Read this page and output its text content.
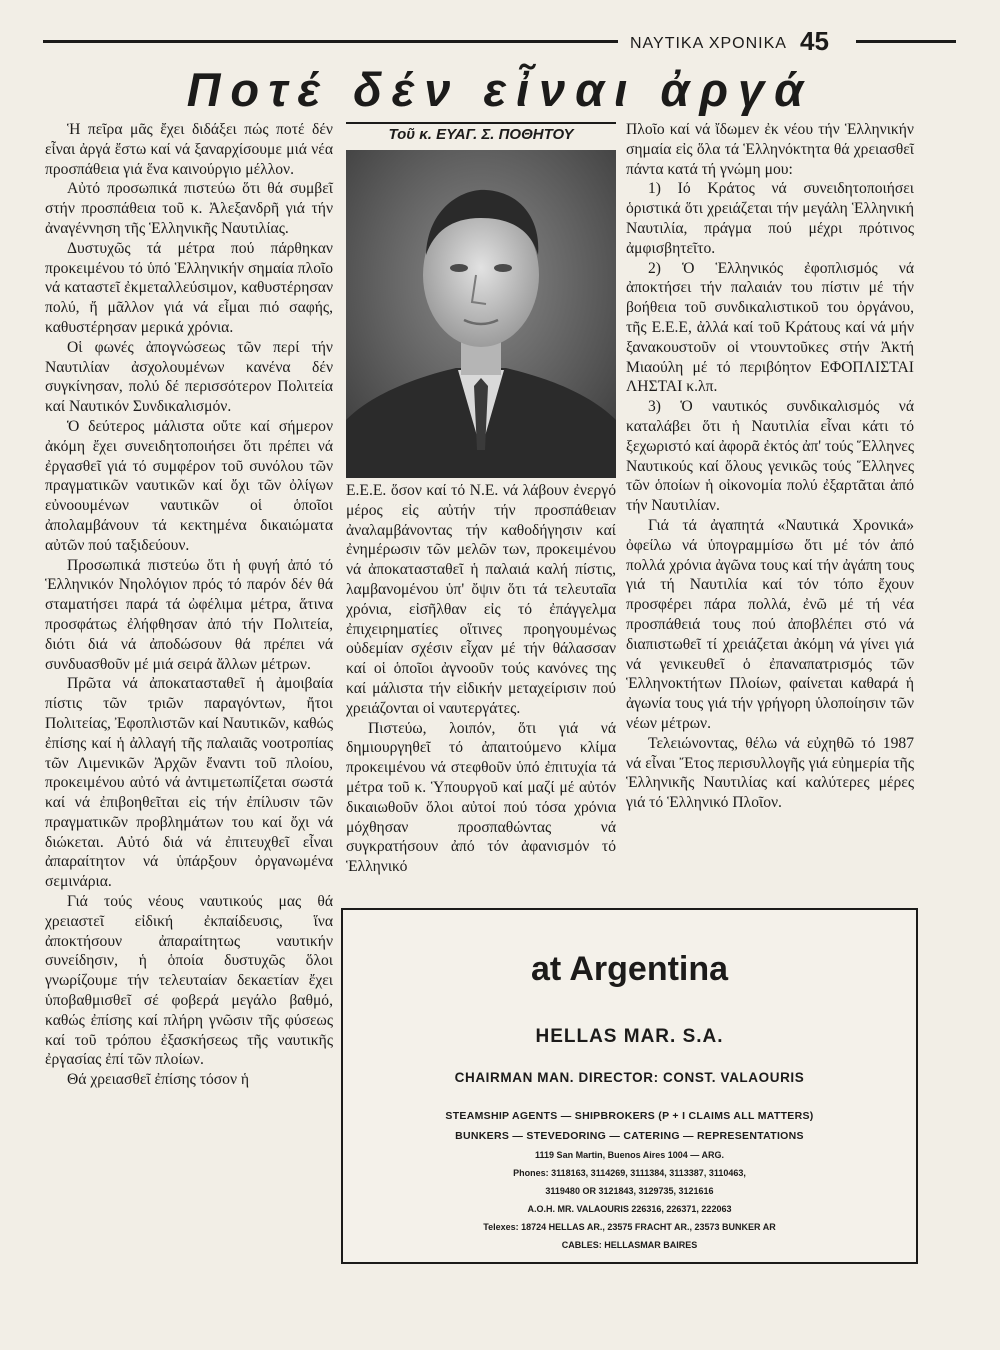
ΝΑΥΤΙΚΑ ΧΡΟΝΙΚΑ 45
Ποτέ δέν εἶναι ἀργά

Ἡ πεῖρα μᾶς ἔχει διδάξει πώς ποτέ δέν εἶναι ἀργά ἔστω καί νά ξαναρχίσουμε μιά νέα προσπάθεια γιά ἕνα καινούργιο μέλλον.

Αὐτό προσωπικά πιστεύω ὅτι θά συμβεῖ στήν προσπάθεια τοῦ κ. Ἀλεξανδρῆ γιά τήν ἀναγέννηση τῆς Ἑλληνικῆς Ναυτιλίας.

Δυστυχῶς τά μέτρα πού πάρθηκαν προκειμένου τό ὑπό Ἑλληνικήν σημαία πλοῖο νά καταστεῖ ἐκμεταλλεύσιμον, καθυστέρησαν πολύ, ἤ μᾶλλον γιά νά εἶμαι πιό σαφής, καθυστέρησαν μερικά χρόνια.

Οἱ φωνές ἀπογνώσεως τῶν περί τήν Ναυτιλίαν ἀσχολουμένων κανένα δέν συγκίνησαν, πολύ δέ περισσότερον Πολιτεία καί Ναυτικόν Συνδικαλισμόν.

Ὁ δεύτερος μάλιστα οὔτε καί σήμερον ἀκόμη ἔχει συνειδητοποιήσει ὅτι πρέπει νά ἐργασθεῖ γιά τό συμφέρον τοῦ συνόλου τῶν πραγματικῶν ναυτικῶν καί ὄχι τῶν ὀλίγων εὐνοουμένων ναυτικῶν οἱ ὁποῖοι ἀπολαμβάνουν τά κεκτημένα δικαιώματα αὐτῶν πού ταξιδεύουν.

Προσωπικά πιστεύω ὅτι ἡ φυγή ἀπό τό Ἑλληνικόν Νηολόγιον πρός τό παρόν δέν θά σταματήσει παρά τά ὠφέλιμα μέτρα, ἅτινα προσφάτως ἐλήφθησαν ἀπό τήν Πολιτεία, διότι διά νά ἀποδώσουν θά πρέπει νά συνδυασθοῦν μέ μιά σειρά ἄλλων μέτρων.

Πρῶτα νά ἀποκατασταθεῖ ἡ ἀμοιβαία πίστις τῶν τριῶν παραγόντων, ἤτοι Πολιτείας, Ἐφοπλιστῶν καί Ναυτικῶν, καθώς ἐπίσης καί ἡ ἀλλαγή τῆς παλαιᾶς νοοτροπίας τῶν Λιμενικῶν Ἀρχῶν ἔναντι τοῦ πλοίου, προκειμένου αὐτό νά ἀντιμετωπίζεται σωστά καί νά ἐπιβοηθεῖται εἰς τήν ἐπίλυσιν τῶν πραγματικῶν προβλημάτων του καί ὄχι νά διώκεται. Αὐτό διά νά ἐπιτευχθεῖ εἶναι ἀπαραίτητον νά ὑπάρξουν ὀργανωμένα σεμινάρια.

Γιά τούς νέους ναυτικούς μας θά χρειαστεῖ εἰδική ἐκπαίδευσις, ἵνα ἀποκτήσουν ἀπαραίτητως ναυτικήν συνείδησιν, ἡ ὁποία δυστυχῶς ὅλοι γνωρίζουμε τήν τελευταίαν δεκαετίαν ἔχει ὑποβαθμισθεῖ σέ φοβερά μεγάλο βαθμό, καθώς ἐπίσης καί πλήρη γνῶσιν τῆς φύσεως καί τοῦ τρόπου ἐξασκήσεως τῆς ναυτικῆς ἐργασίας ἐπί τῶν πλοίων.

Θά χρειασθεῖ ἐπίσης τόσον ἡ

Τοῦ κ. ΕΥΑΓ. Σ. ΠΟΘΗΤΟΥ

Ε.Ε.Ε. ὅσον καί τό Ν.Ε. νά λάβουν ἐνεργό μέρος εἰς αὐτήν τήν προσπάθειαν ἀναλαμβάνοντας τήν καθοδήγησιν καί ἐνημέρωσιν τῶν μελῶν των, προκειμένου νά ἀποκατασταθεῖ ἡ παλαιά καλή πίστις, λαμβανομένου ὑπ' ὄψιν ὅτι τά τελευταῖα χρόνια, εἰσῆλθαν εἰς τό ἐπάγγελμα ἐπιχειρηματίες οἵτινες προηγουμένως οὐδεμίαν σχέσιν εἶχαν μέ τήν θάλασσαν καί οἱ ὁποῖοι ἀγνοοῦν τούς κανόνες της καί μάλιστα τήν εἰδικήν μεταχείρισιν πού χρειάζονται οἱ ναυτεργάτες.

Πιστεύω, λοιπόν, ὅτι γιά νά δημιουργηθεῖ τό ἀπαιτούμενο κλίμα προκειμένου νά στεφθοῦν ὑπό ἐπιτυχία τά μέτρα τοῦ κ. Ὑπουργοῦ καί μαζί μέ αὐτόν δικαιωθοῦν ὅλοι αὐτοί πού τόσα χρόνια μόχθησαν προσπαθώντας νά συγκρατήσουν ἀπό τόν ἀφανισμόν τό Ἑλληνικό

Πλοῖο καί νά ἴδωμεν ἐκ νέου τήν Ἑλληνικήν σημαία εἰς ὅλα τά Ἑλληνόκτητα θά χρειασθεῖ πάντα κατά τή γνώμη μου:

1) Ιό Κράτος νά συνειδητοποιήσει ὁριστικά ὅτι χρειάζεται τήν μεγάλη Ἑλληνική Ναυτιλία, πράγμα πού μέχρι πρότινος ἀμφισβητεῖτο.

2) Ὁ Ἑλληνικός ἐφοπλισμός νά ἀποκτήσει τήν παλαιάν του πίστιν μέ τήν βοήθεια τοῦ συνδικαλιστικοῦ του ὀργάνου, τῆς Ε.Ε.Ε, ἀλλά καί τοῦ Κράτους καί νά μήν ξανακουστοῦν οἱ ντουντοῦκες στήν Ἀκτή Μιαούλη μέ τό περιβόητον ΕΦΟΠΛΙΣΤΑΙ ΛΗΣΤΑΙ κ.λπ.

3) Ὁ ναυτικός συνδικαλισμός νά καταλάβει ὅτι ἡ Ναυτιλία εἶναι κάτι τό ξεχωριστό καί ἀφορᾶ ἐκτός ἀπ' τούς Ἕλληνες Ναυτικούς καί ὅλους γενικῶς τούς Ἕλληνες τῶν ὁποίων ἡ οἰκονομία πολύ ἐξαρτᾶται ἀπό τήν Ναυτιλίαν.

Γιά τά ἀγαπητά «Ναυτικά Χρονικά» ὀφείλω νά ὑπογραμμίσω ὅτι μέ τόν ἀπό πολλά χρόνια ἀγῶνα τους καί τήν ἀγάπη τους γιά τή Ναυτιλία καί τόν τόπο ἔχουν προσφέρει πάρα πολλά, ἐνῶ μέ τή νέα προσπάθειά τους πού ἀποβλέπει στό νά διαπιστωθεῖ τί χρειάζεται ἀκόμη νά γίνει γιά νά γενικευθεῖ ὁ ἐπαναπατρισμός τῶν Ἑλληνοκτήτων Πλοίων, φαίνεται καθαρά ἡ ἀγωνία τους γιά τήν γρήγορη ὑλοποίησιν τῶν νέων μέτρων.

Τελειώνοντας, θέλω νά εὐχηθῶ τό 1987 νά εἶναι Ἔτος περισυλλογῆς γιά εὐημερία τῆς Ἑλληνικῆς Ναυτιλίας καί καλύτερες μέρες γιά τό Ἑλληνικό Πλοῖον.

at Argentina
HELLAS MAR. S.A.
CHAIRMAN MAN. DIRECTOR: CONST. VALAOURIS
STEAMSHIP AGENTS — SHIPBROKERS (P + I CLAIMS ALL MATTERS)
BUNKERS — STEVEDORING — CATERING — REPRESENTATIONS
1119 San Martin, Buenos Aires 1004 — ARG.
Phones: 3118163, 3114269, 3111384, 3113387, 3110463,
3119480 OR 3121843, 3129735, 3121616
A.O.H. MR. VALAOURIS 226316, 226371, 222063
Telexes: 18724 HELLAS AR., 23575 FRACHT AR., 23573 BUNKER AR
CABLES: HELLASMAR BAIRES
